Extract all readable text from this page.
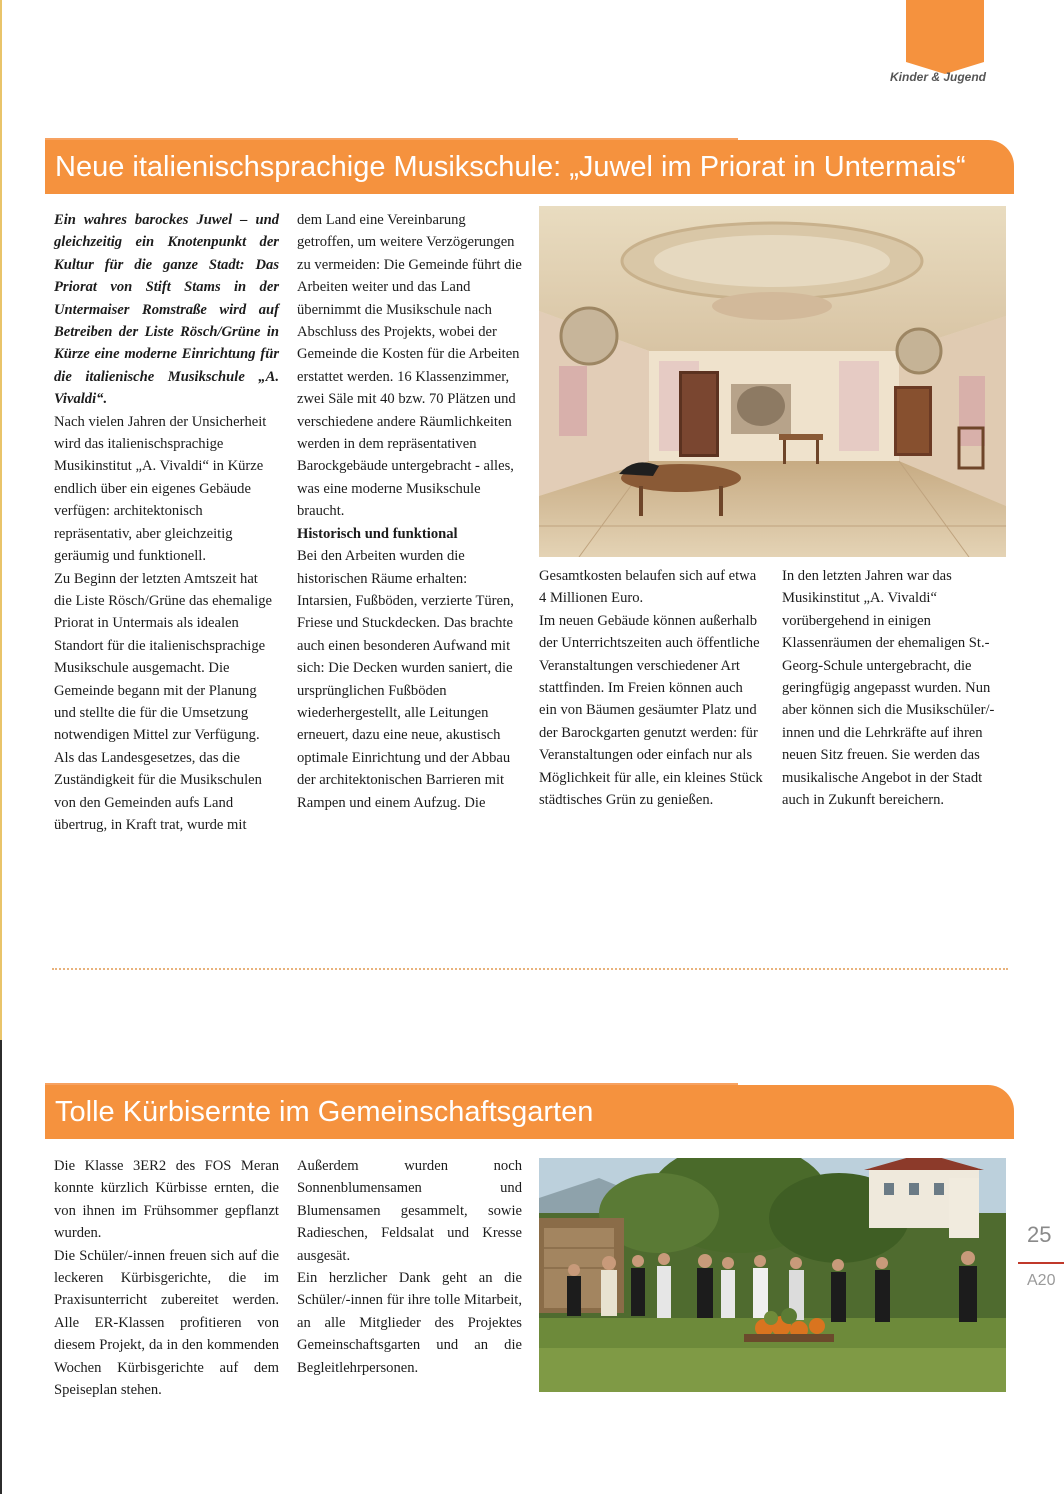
Kinder & Jugend
Neue italienischsprachige Musikschule: „Juwel im Priorat in Untermais“

Ein wahres barockes Juwel – und gleichzeitig ein Knotenpunkt der Kultur für die ganze Stadt: Das Priorat von Stift Stams in der Untermaiser Romstraße wird auf Betreiben der Liste Rösch/Grüne in Kürze eine moderne Einrichtung für die italienische Musikschule „A. Vivaldi“.

Nach vielen Jahren der Unsicherheit wird das italienischsprachige Musikinstitut „A. Vivaldi“ in Kürze endlich über ein eigenes Gebäude verfügen: architektonisch repräsentativ, aber gleichzeitig geräumig und funktionell.

Zu Beginn der letzten Amtszeit hat die Liste Rösch/Grüne das ehemalige Priorat in Untermais als idealen Standort für die italienischsprachige Musikschule ausgemacht. Die Gemeinde begann mit der Planung und stellte die für die Umsetzung notwendigen Mittel zur Verfügung.

Als das Landesgesetzes, das die Zuständigkeit für die Musikschulen von den Gemeinden aufs Land übertrug, in Kraft trat, wurde mit

dem Land eine Vereinbarung getroffen, um weitere Verzögerungen zu vermeiden: Die Gemeinde führt die Arbeiten weiter und das Land übernimmt die Musikschule nach Abschluss des Projekts, wobei der Gemeinde die Kosten für die Arbeiten erstattet werden. 16 Klassenzimmer, zwei Säle mit 40 bzw. 70 Plätzen und verschiedene andere Räumlichkeiten werden in dem repräsentativen Barockgebäude untergebracht - alles, was eine moderne Musikschule braucht.

Historisch und funktional

Bei den Arbeiten wurden die historischen Räume erhalten: Intarsien, Fußböden, verzierte Türen, Friese und Stuckdecken. Das brachte auch einen besonderen Aufwand mit sich: Die Decken wurden saniert, die ursprünglichen Fußböden wiederhergestellt, alle Leitungen erneuert, dazu eine neue, akustisch optimale Einrichtung und der Abbau der architektonischen Barrieren mit Rampen und einem Aufzug. Die

Gesamtkosten belaufen sich auf etwa 4 Millionen Euro.

Im neuen Gebäude können außerhalb der Unterrichtszeiten auch öffentliche Veranstaltungen verschiedener Art stattfinden. Im Freien können auch ein von Bäumen gesäumter Platz und der Barockgarten genutzt werden: für Veranstaltungen oder einfach nur als Möglichkeit für alle, ein kleines Stück städtisches Grün zu genießen.

In den letzten Jahren war das Musikinstitut „A. Vivaldi“ vorübergehend in einigen Klassenräumen der ehemaligen St.-Georg-Schule untergebracht, die geringfügig angepasst wurden. Nun aber können sich die Musikschüler/-innen und die Lehrkräfte auf ihren neuen Sitz freuen. Sie werden das musikalische Angebot in der Stadt auch in Zukunft bereichern.

Tolle Kürbisernte im Gemeinschaftsgarten

Die Klasse 3ER2 des FOS Meran konnte kürzlich Kürbisse ernten, die von ihnen im Frühsommer gepflanzt wurden.

Die Schüler/-innen freuen sich auf die leckeren Kürbisgerichte, die im Praxisunterricht zubereitet werden. Alle ER-Klassen profitieren von diesem Projekt, da in den kommenden Wochen Kürbisgerichte auf dem Speiseplan stehen.

Außerdem wurden noch Sonnenblumensamen und Blumensamen gesammelt, sowie Radieschen, Feldsalat und Kresse ausgesät.

Ein herzlicher Dank geht an die Schüler/-innen für ihre tolle Mitarbeit, an alle Mitglieder des Projektes Gemeinschaftsgarten und an die Begleitlehrpersonen.

25
A20
